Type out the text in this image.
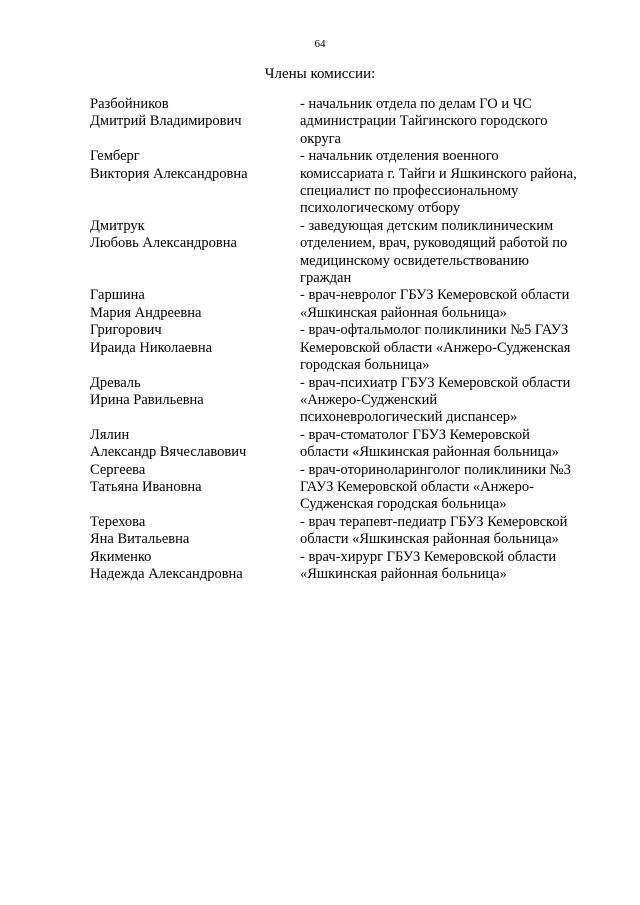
64
Члены комиссии:
Разбойников
Дмитрий Владимирович
- начальник отдела по делам ГО и ЧС
администрации Тайгинского городского
округа
Гемберг
Виктория Александровна
- начальник отделения военного
комиссариата г. Тайги и Яшкинского района,
специалист по профессиональному
психологическому отбору
Дмитрук
Любовь Александровна
- заведующая детским поликлиническим
отделением, врач, руководящий работой по
медицинскому освидетельствованию
граждан
Гаршина
Мария Андреевна
- врач-невролог ГБУЗ Кемеровской области
«Яшкинская районная больница»
Григорович
Ираида Николаевна
- врач-офтальмолог поликлиники №5 ГАУЗ
Кемеровской области «Анжеро-Судженская
городская больница»
Древаль
Ирина Равильевна
- врач-психиатр ГБУЗ Кемеровской области
«Анжеро-Судженский
психоневрологический диспансер»
Лялин
Александр Вячеславович
- врач-стоматолог ГБУЗ Кемеровской
области «Яшкинская районная больница»
Сергеева
Татьяна Ивановна
- врач-оториноларинголог поликлиники №3
ГАУЗ Кемеровской области «Анжеро-
Судженская городская больница»
Терехова
Яна Витальевна
- врач терапевт-педиатр ГБУЗ Кемеровской
области «Яшкинская районная больница»
Якименко
Надежда Александровна
- врач-хирург ГБУЗ Кемеровской области
«Яшкинская районная больница»
